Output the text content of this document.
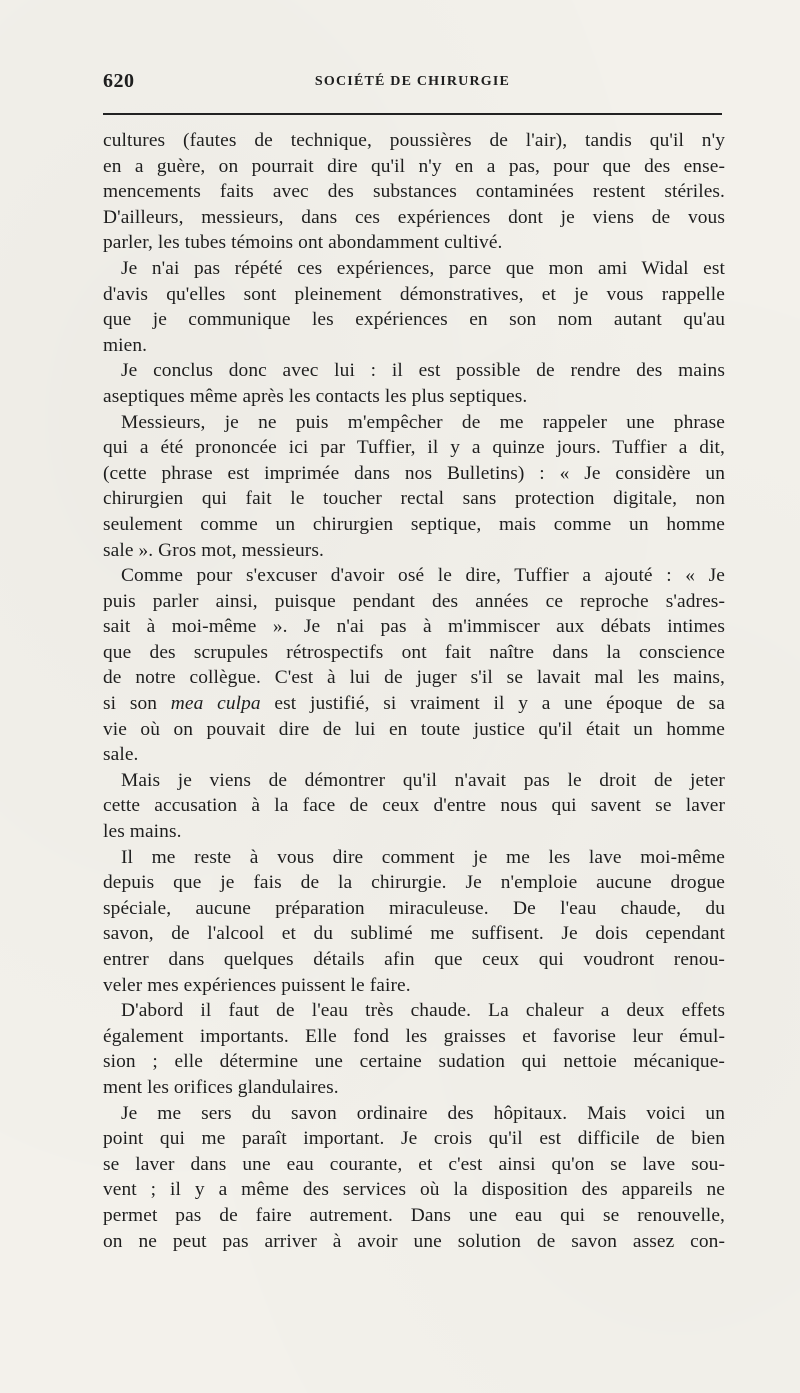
620	SOCIÉTÉ DE CHIRURGIE
cultures (fautes de technique, poussières de l'air), tandis qu'il n'y
en a guère, on pourrait dire qu'il n'y en a pas, pour que des ense-
mencements faits avec des substances contaminées restent stériles.
D'ailleurs, messieurs, dans ces expériences dont je viens de vous
parler, les tubes témoins ont abondamment cultivé.
Je n'ai pas répété ces expériences, parce que mon ami Widal est
d'avis qu'elles sont pleinement démonstratives, et je vous rappelle
que je communique les expériences en son nom autant qu'au
mien.
Je conclus donc avec lui : il est possible de rendre des mains
aseptiques même après les contacts les plus septiques.
Messieurs, je ne puis m'empêcher de me rappeler une phrase
qui a été prononcée ici par Tuffier, il y a quinze jours. Tuffier a dit,
(cette phrase est imprimée dans nos Bulletins) : « Je considère un
chirurgien qui fait le toucher rectal sans protection digitale, non
seulement comme un chirurgien septique, mais comme un homme
sale ». Gros mot, messieurs.
Comme pour s'excuser d'avoir osé le dire, Tuffier a ajouté : « Je
puis parler ainsi, puisque pendant des années ce reproche s'adres-
sait à moi-même ». Je n'ai pas à m'immiscer aux débats intimes
que des scrupules rétrospectifs ont fait naître dans la conscience
de notre collègue. C'est à lui de juger s'il se lavait mal les mains,
si son mea culpa est justifié, si vraiment il y a une époque de sa
vie où on pouvait dire de lui en toute justice qu'il était un homme
sale.
Mais je viens de démontrer qu'il n'avait pas le droit de jeter
cette accusation à la face de ceux d'entre nous qui savent se laver
les mains.
Il me reste à vous dire comment je me les lave moi-même
depuis que je fais de la chirurgie. Je n'emploie aucune drogue
spéciale, aucune préparation miraculeuse. De l'eau chaude, du
savon, de l'alcool et du sublimé me suffisent. Je dois cependant
entrer dans quelques détails afin que ceux qui voudront renou-
veler mes expériences puissent le faire.
D'abord il faut de l'eau très chaude. La chaleur a deux effets
également importants. Elle fond les graisses et favorise leur émul-
sion ; elle détermine une certaine sudation qui nettoie mécanique-
ment les orifices glandulaires.
Je me sers du savon ordinaire des hôpitaux. Mais voici un
point qui me paraît important. Je crois qu'il est difficile de bien
se laver dans une eau courante, et c'est ainsi qu'on se lave sou-
vent ; il y a même des services où la disposition des appareils ne
permet pas de faire autrement. Dans une eau qui se renouvelle,
on ne peut pas arriver à avoir une solution de savon assez con-
